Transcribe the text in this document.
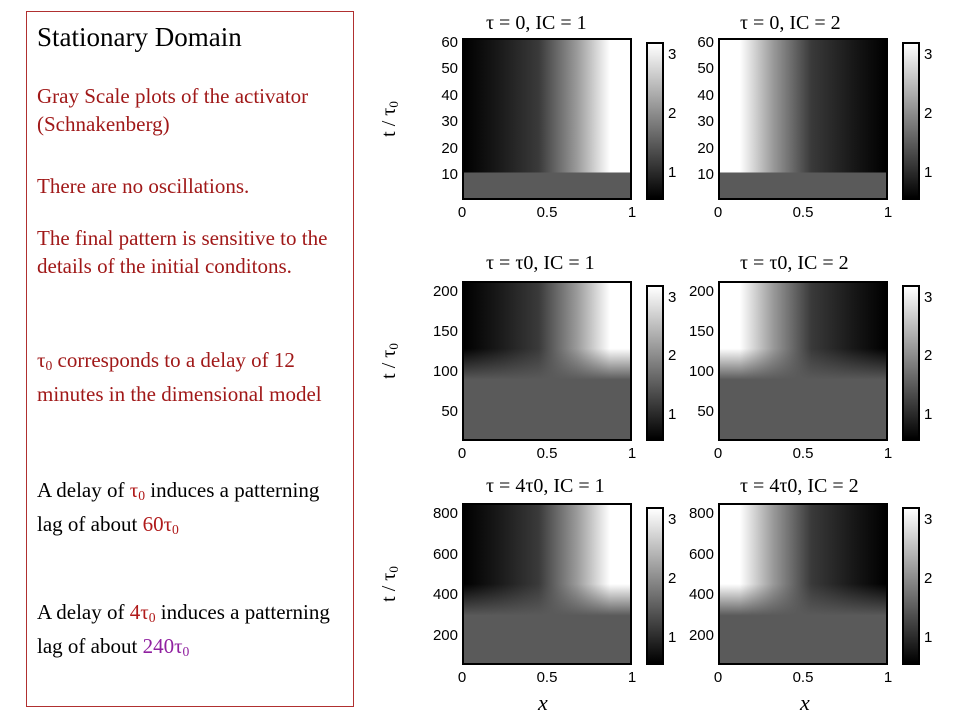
Stationary Domain
Gray Scale plots of the activator (Schnakenberg)
There are no oscillations.
The final pattern is sensitive to the details of the initial conditons.
$\tau_0$ corresponds to a delay of 12 minutes in the dimensional model
A delay of $\tau_0$ induces a patterning lag of about $60\tau_0$
A delay of $4\tau_0$ induces a patterning lag of about $240\tau_0$
t / $\tau_0$
τ = 0, IC = 1
60
50
40
30
20
10
0	0.5	1
3
2
1
τ = 0, IC = 2
60
50
40
30
20
10
0	0.5	1
3
2
1
t / $\tau_0$
τ = τ0, IC = 1
200
150
100
50
0	0.5	1
3
2
1
τ = τ0, IC = 2
200
150
100
50
0	0.5	1
3
2
1
t / $\tau_0$
τ = 4τ0, IC = 1
800
600
400
200
0	0.5	1
3
2
1
τ = 4τ0, IC = 2
800
600
400
200
0	0.5	1
3
2
1
x	x
